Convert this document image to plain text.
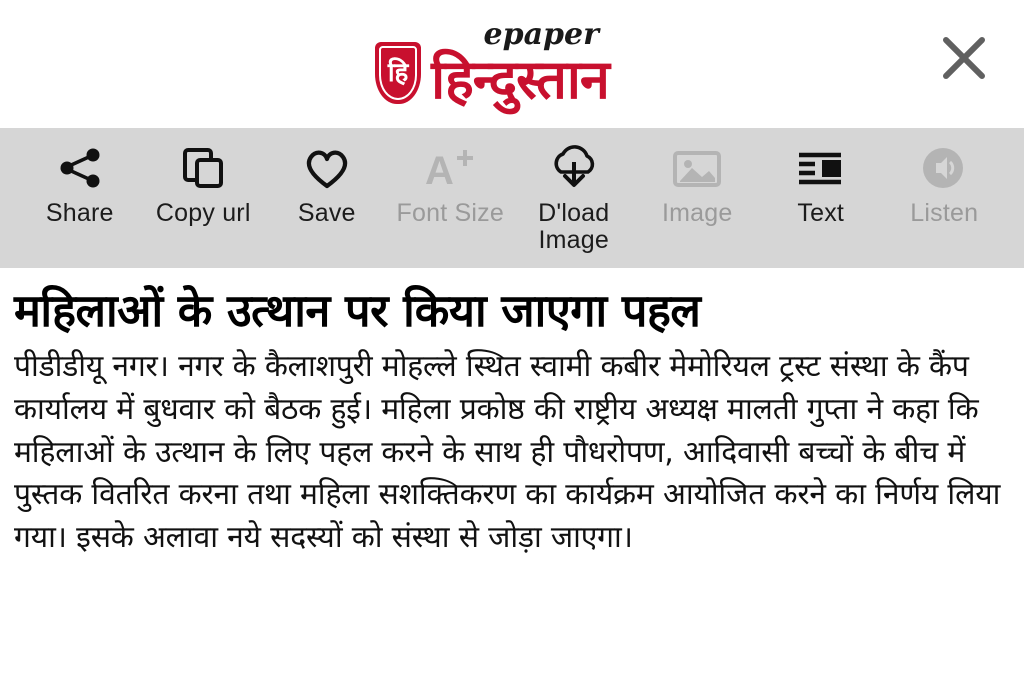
हि
epaper
हिन्दुस्तान
Share Copy url Save
A
Font Size	D'load Image
Image	Text	Listen
महिलाओं के उत्थान पर किया जाएगा पहल
पीडीडीयू नगर। नगर के कैलाशपुरी मोहल्ले स्थित स्वामी कबीर मेमोरियल ट्रस्ट संस्था के कैंप कार्यालय में बुधवार को बैठक हुई। महिला प्रकोष्ठ की राष्ट्रीय अध्यक्ष मालती गुप्ता ने कहा कि महिलाओं के उत्थान के लिए पहल करने के साथ ही पौधरोपण, आदिवासी बच्चों के बीच में पुस्तक वितरित करना तथा महिला सशक्तिकरण का कार्यक्रम आयोजित करने का निर्णय लिया गया। इसके अलावा नये सदस्यों को संस्था से जोड़ा जाएगा।
